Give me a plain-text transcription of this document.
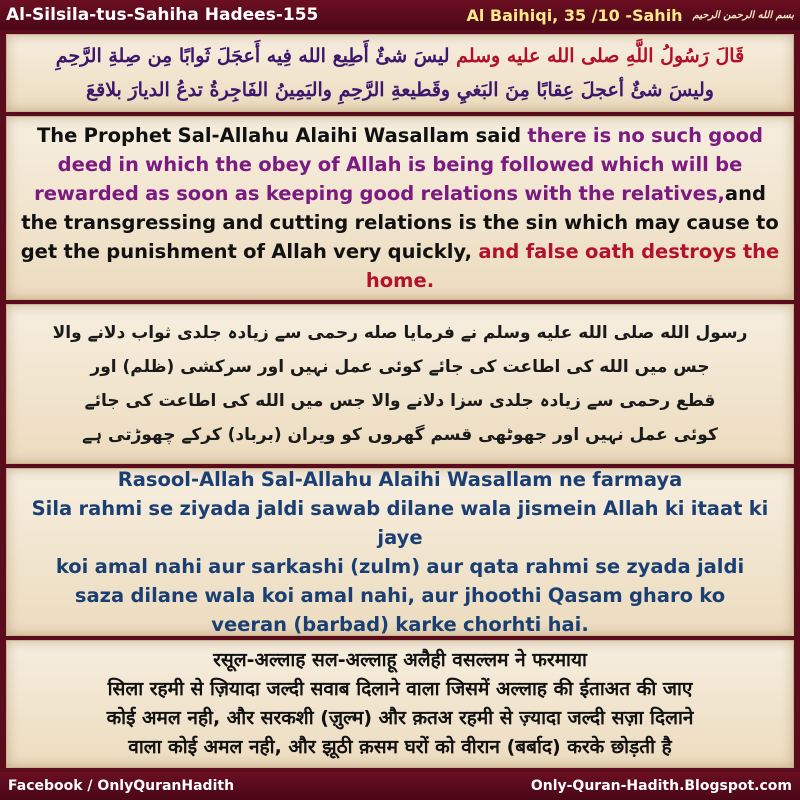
Al-Silsila-tus-Sahiha Hadees-155	Al Baihiqi, 35 /10 -Sahih بسم الله الرحمن الرحيم
قَالَ رَسُولُ اللَّهِ صلى الله عليه وسلم ليسَ شئٌ أَطِيع الله فِيه أَعجَلَ ثَوابًا مِن صِلةِ الرَّحِمِ
وليسَ شئٌ أعجلَ عِقابًا مِنَ البَغيِ وقَطيعةِ الرَّحِمِ واليَمِينُ الفَاجِرةُ تدعُ الديارَ بلاقعَ
The Prophet Sal-Allahu Alaihi Wasallam said there is no such good deed in which the obey of Allah is being followed which will be rewarded as soon as keeping good relations with the relatives,and the transgressing and cutting relations is the sin which may cause to get the punishment of Allah very quickly, and false oath destroys the home.
رسول الله صلی الله علیه وسلم نے فرمایا صله رحمی سے زیادہ جلدی ثواب دلانے والا
جس میں الله کی اطاعت کی جائے کوئی عمل نہیں اور سرکشی (ظلم) اور
قطع رحمی سے زیادہ جلدی سزا دلانے والا جس میں الله کی اطاعت کی جائے
کوئی عمل نہیں اور جھوٹھی قسم گھروں کو ویران (برباد) کرکے چھوڑتی ہے
Rasool-Allah Sal-Allahu Alaihi Wasallam ne farmaya
Sila rahmi se ziyada jaldi sawab dilane wala jismein Allah ki itaat ki jaye
koi amal nahi aur sarkashi (zulm) aur qata rahmi se zyada jaldi
saza dilane wala koi amal nahi, aur jhoothi Qasam gharo ko
veeran (barbad) karke chorhti hai.
रसूल-अल्लाह सल-अल्लाहू अलैही वसल्लम ने फरमाया
सिला रहमी से ज़ियादा जल्दी सवाब दिलाने वाला जिसमें अल्लाह की ईताअत की जाए
कोई अमल नही, और सरकशी (ज़ुल्म) और क़तअ रहमी से ज़्यादा जल्दी सज़ा दिलाने
वाला कोई अमल नही, और झूठी क़सम घरों को वीरान (बर्बाद) करके छोड़ती है
Facebook / OnlyQuranHadith	Only-Quran-Hadith.Blogspot.com
